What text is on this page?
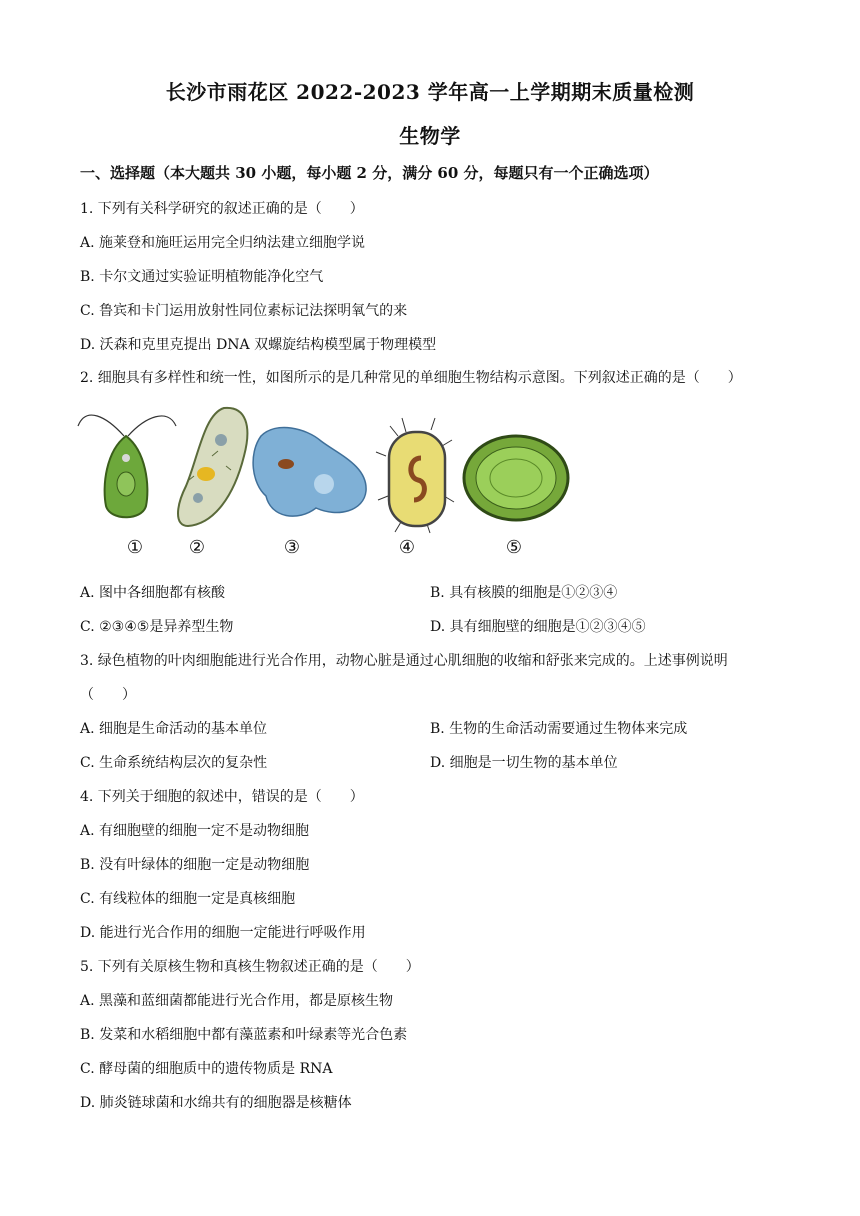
长沙市雨花区 2022-2023 学年高一上学期期末质量检测
生物学
一、选择题（本大题共 30 小题，每小题 2 分，满分 60 分，每题只有一个正确选项）
1. 下列有关科学研究的叙述正确的是（　　）
A. 施莱登和施旺运用完全归纳法建立细胞学说
B. 卡尔文通过实验证明植物能净化空气
C. 鲁宾和卡门运用放射性同位素标记法探明氧气的来
D. 沃森和克里克提出 DNA 双螺旋结构模型属于物理模型
2. 细胞具有多样性和统一性，如图所示的是几种常见的单细胞生物结构示意图。下列叙述正确的是（　　）
①	②	③	④	⑤
A. 图中各细胞都有核酸	B. 具有核膜的细胞是①②③④
C. ②③④⑤是异养型生物	D. 具有细胞壁的细胞是①②③④⑤
3. 绿色植物的叶肉细胞能进行光合作用，动物心脏是通过心肌细胞的收缩和舒张来完成的。上述事例说明
（　　）
A. 细胞是生命活动的基本单位	B. 生物的生命活动需要通过生物体来完成
C. 生命系统结构层次的复杂性	D. 细胞是一切生物的基本单位
4. 下列关于细胞的叙述中，错误的是（　　）
A. 有细胞壁的细胞一定不是动物细胞
B. 没有叶绿体的细胞一定是动物细胞
C. 有线粒体的细胞一定是真核细胞
D. 能进行光合作用的细胞一定能进行呼吸作用
5. 下列有关原核生物和真核生物叙述正确的是（　　）
A. 黑藻和蓝细菌都能进行光合作用，都是原核生物
B. 发菜和水稻细胞中都有藻蓝素和叶绿素等光合色素
C. 酵母菌的细胞质中的遗传物质是 RNA
D. 肺炎链球菌和水绵共有的细胞器是核糖体
